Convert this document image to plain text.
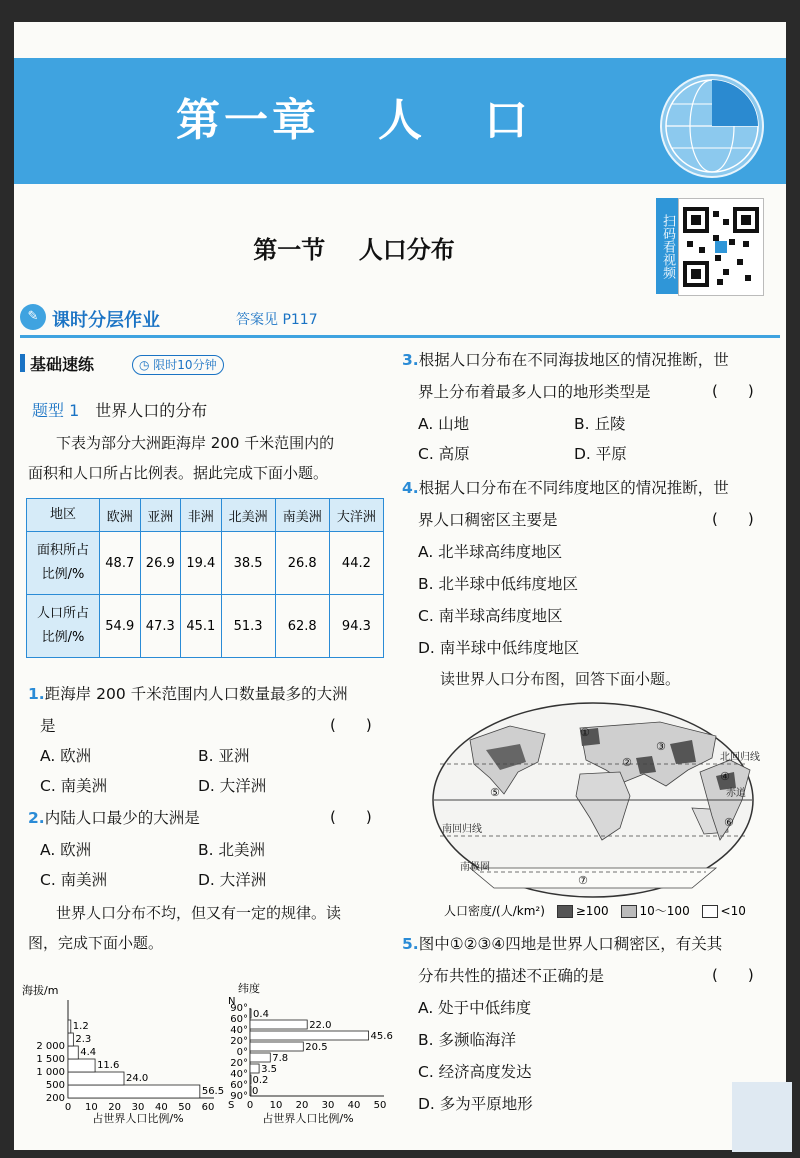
第一章   人   口
第一节    人口分布	扫码看视频
✎ 课时分层作业	答案见 P117
基础速练	◷ 限时10分钟
题型 1　 世界人口的分布
下表为部分大洲距海岸 200 千米范围内的
面积和人口所占比例表。据此完成下面小题。
地区	欧洲	亚洲	非洲	北美洲	南美洲	大洋洲
面积所占
比例/%	48.7	26.9	19.4	38.5	26.8	44.2
人口所占
比例/%	54.9	47.3	45.1	51.3	62.8	94.3
1.距海岸 200 千米范围内人口数量最多的大洲
是	(　　)
A. 欧洲	B. 亚洲
C. 南美洲	D. 大洋洲
2.内陆人口最少的大洲是	(　　)
A. 欧洲	B. 北美洲
C. 南美洲	D. 大洋洲
世界人口分布不均，但又有一定的规律。读
图，完成下面小题。
海拔/m
56.5
200
24.0
500
11.6
1 000
4.4
1 500
2.3
2 000
1.2
0 10 20 30 40 50 60
占世界人口比例/%
纬度
N
S
0.4
22.0
45.6
20.5
7.8
3.5
0.2
0
90°
60°
40°
20°
0°
20°
40°
60°
90°
0 10 20 30 40 50
占世界人口比例/%
3.根据人口分布在不同海拔地区的情况推断，世
界上分布着最多人口的地形类型是	(　　)
A. 山地	B. 丘陵
C. 高原	D. 平原
4.根据人口分布在不同纬度地区的情况推断，世
界人口稠密区主要是	(　　)
A. 北半球高纬度地区
B. 北半球中低纬度地区
C. 南半球高纬度地区
D. 南半球中低纬度地区
读世界人口分布图，回答下面小题。
北回归线
赤道
南回归线
南极圈
①
②
③
④
⑤
⑥
⑦
人口密度/(人/km²)	≥100	10～100	<10
5.图中①②③④四地是世界人口稠密区，有关其
分布共性的描述不正确的是	(　　)
A. 处于中低纬度
B. 多濒临海洋
C. 经济高度发达
D. 多为平原地形
